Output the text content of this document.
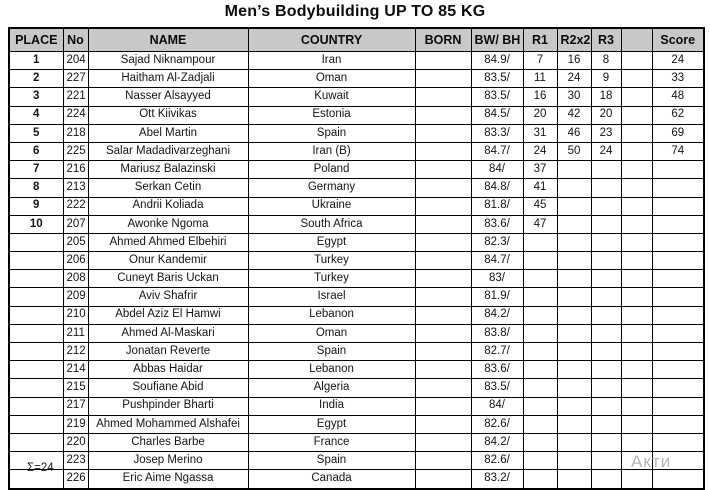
Men’s Bodybuilding UP TO 85 KG
PLACE	No	NAME	COUNTRY	BORN	BW/ BH	R1	R2x2	R3		Score
1	204	Sajad Niknampour	Iran		84.9/	7	16	8		24
2	227	Haitham Al-Zadjali	Oman		83.5/	11	24	9		33
3	221	Nasser Alsayyed	Kuwait		83.5/	16	30	18		48
4	224	Ott Kiivikas	Estonia		84.5/	20	42	20		62
5	218	Abel Martin	Spain		83.3/	31	46	23		69
6	225	Salar Madadivarzeghani	Iran (B)		84.7/	24	50	24		74
7	216	Mariusz Balazinski	Poland		84/	37				
8	213	Serkan Cetin	Germany		84.8/	41				
9	222	Andrii Koliada	Ukraine		81.8/	45				
10	207	Awonke Ngoma	South Africa		83.6/	47				
	205	Ahmed Ahmed Elbehiri	Egypt		82.3/					
	206	Onur Kandemir	Turkey		84.7/					
	208	Cuneyt Baris Uckan	Turkey		83/					
	209	Aviv Shafrir	Israel		81.9/					
	210	Abdel Aziz El Hamwi	Lebanon		84.2/					
	211	Ahmed Al-Maskari	Oman		83.8/					
	212	Jonatan Reverte	Spain		82.7/					
	214	Abbas Haidar	Lebanon		83.6/					
	215	Soufiane Abid	Algeria		83.5/					
	217	Pushpinder Bharti	India		84/					
	219	Ahmed Mohammed Alshafei	Egypt		82.6/					
	220	Charles Barbe	France		84.2/					
	223	Josep Merino	Spain		82.6/					
	226	Eric Aime Ngassa	Canada		83.2/					
Σ=24	Акти
